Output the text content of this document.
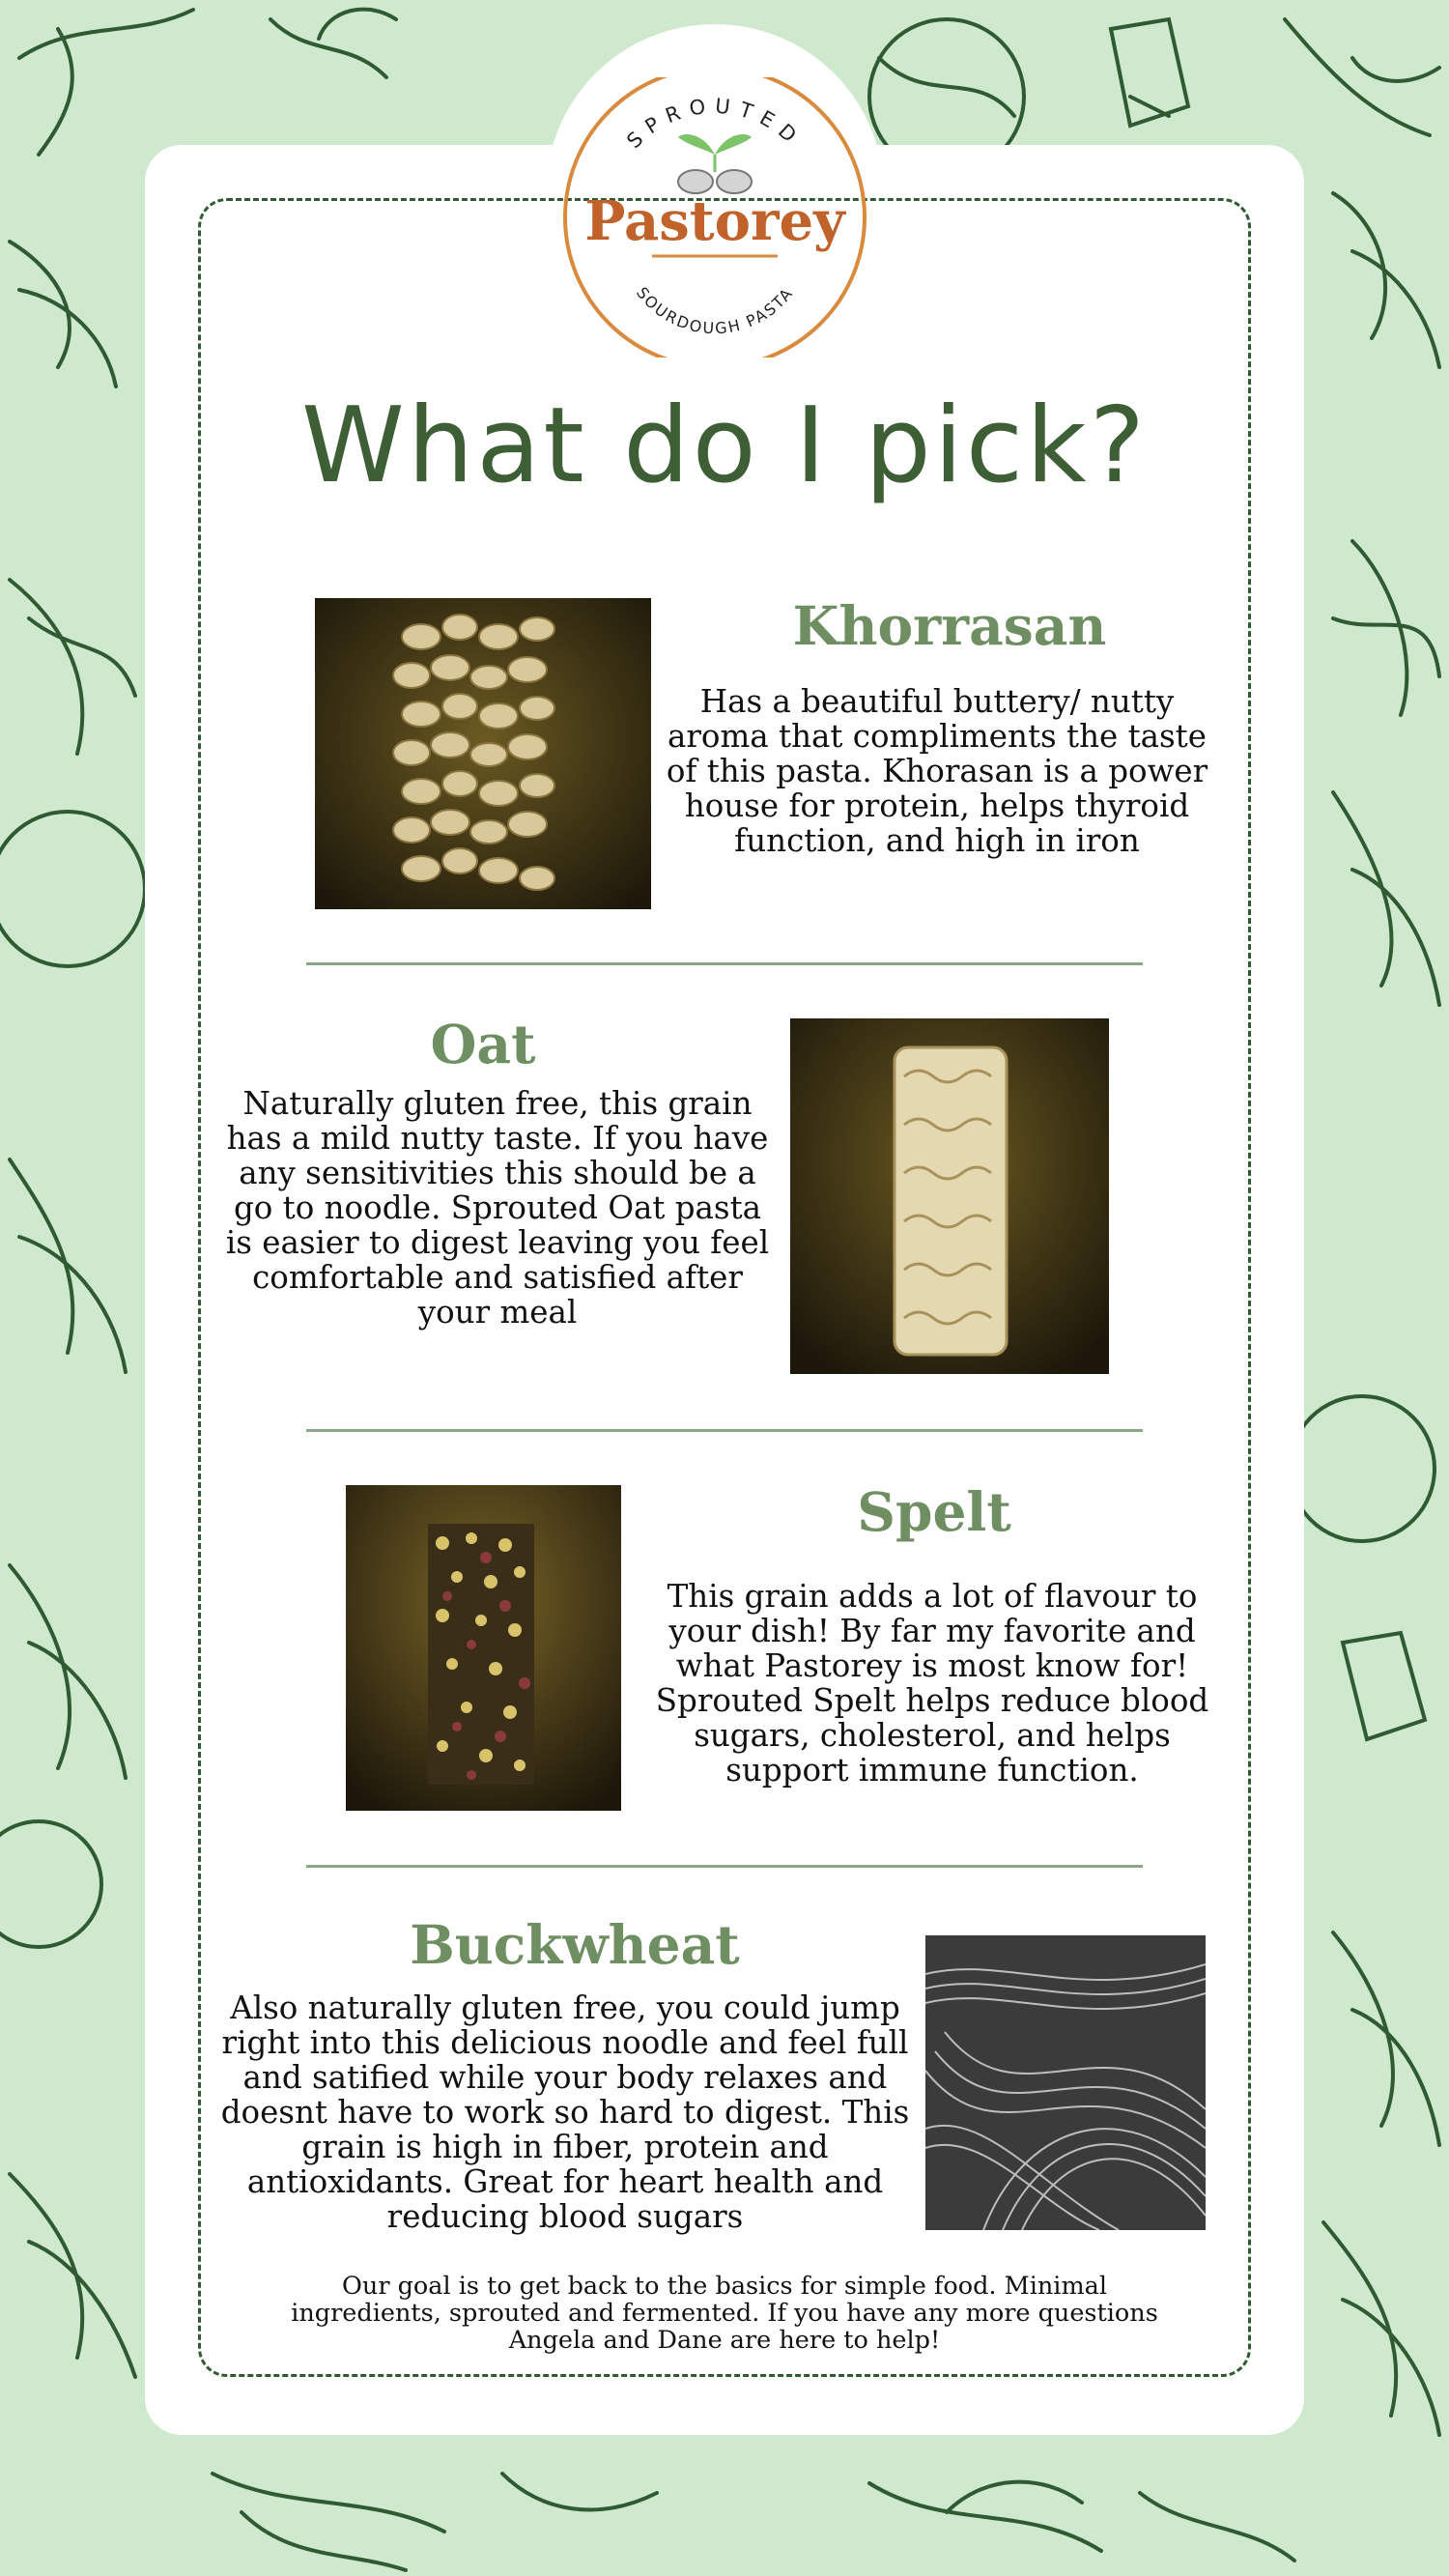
SPROUTED
Pastorey
SOURDOUGH PASTA
What do I pick?
Khorrasan
Has a beautiful buttery/ nutty aroma that compliments the taste of this pasta. Khorasan is a power house for protein, helps thyroid function, and high in iron
Oat
Naturally gluten free, this grain has a mild nutty taste. If you have any sensitivities this should be a go to noodle. Sprouted Oat pasta is easier to digest leaving you feel comfortable and satisfied after your meal
Spelt
This grain adds a lot of flavour to your dish! By far my favorite and what Pastorey is most know for! Sprouted Spelt helps reduce blood sugars, cholesterol, and helps support immune function.
Buckwheat
Also naturally gluten free, you could jump right into this delicious noodle and feel full and satified while your body relaxes and doesnt have to work so hard to digest. This grain is high in fiber, protein and antioxidants. Great for heart health and reducing blood sugars
Our goal is to get back to the basics for simple food. Minimal ingredients, sprouted and fermented. If you have any more questions Angela and Dane are here to help!
